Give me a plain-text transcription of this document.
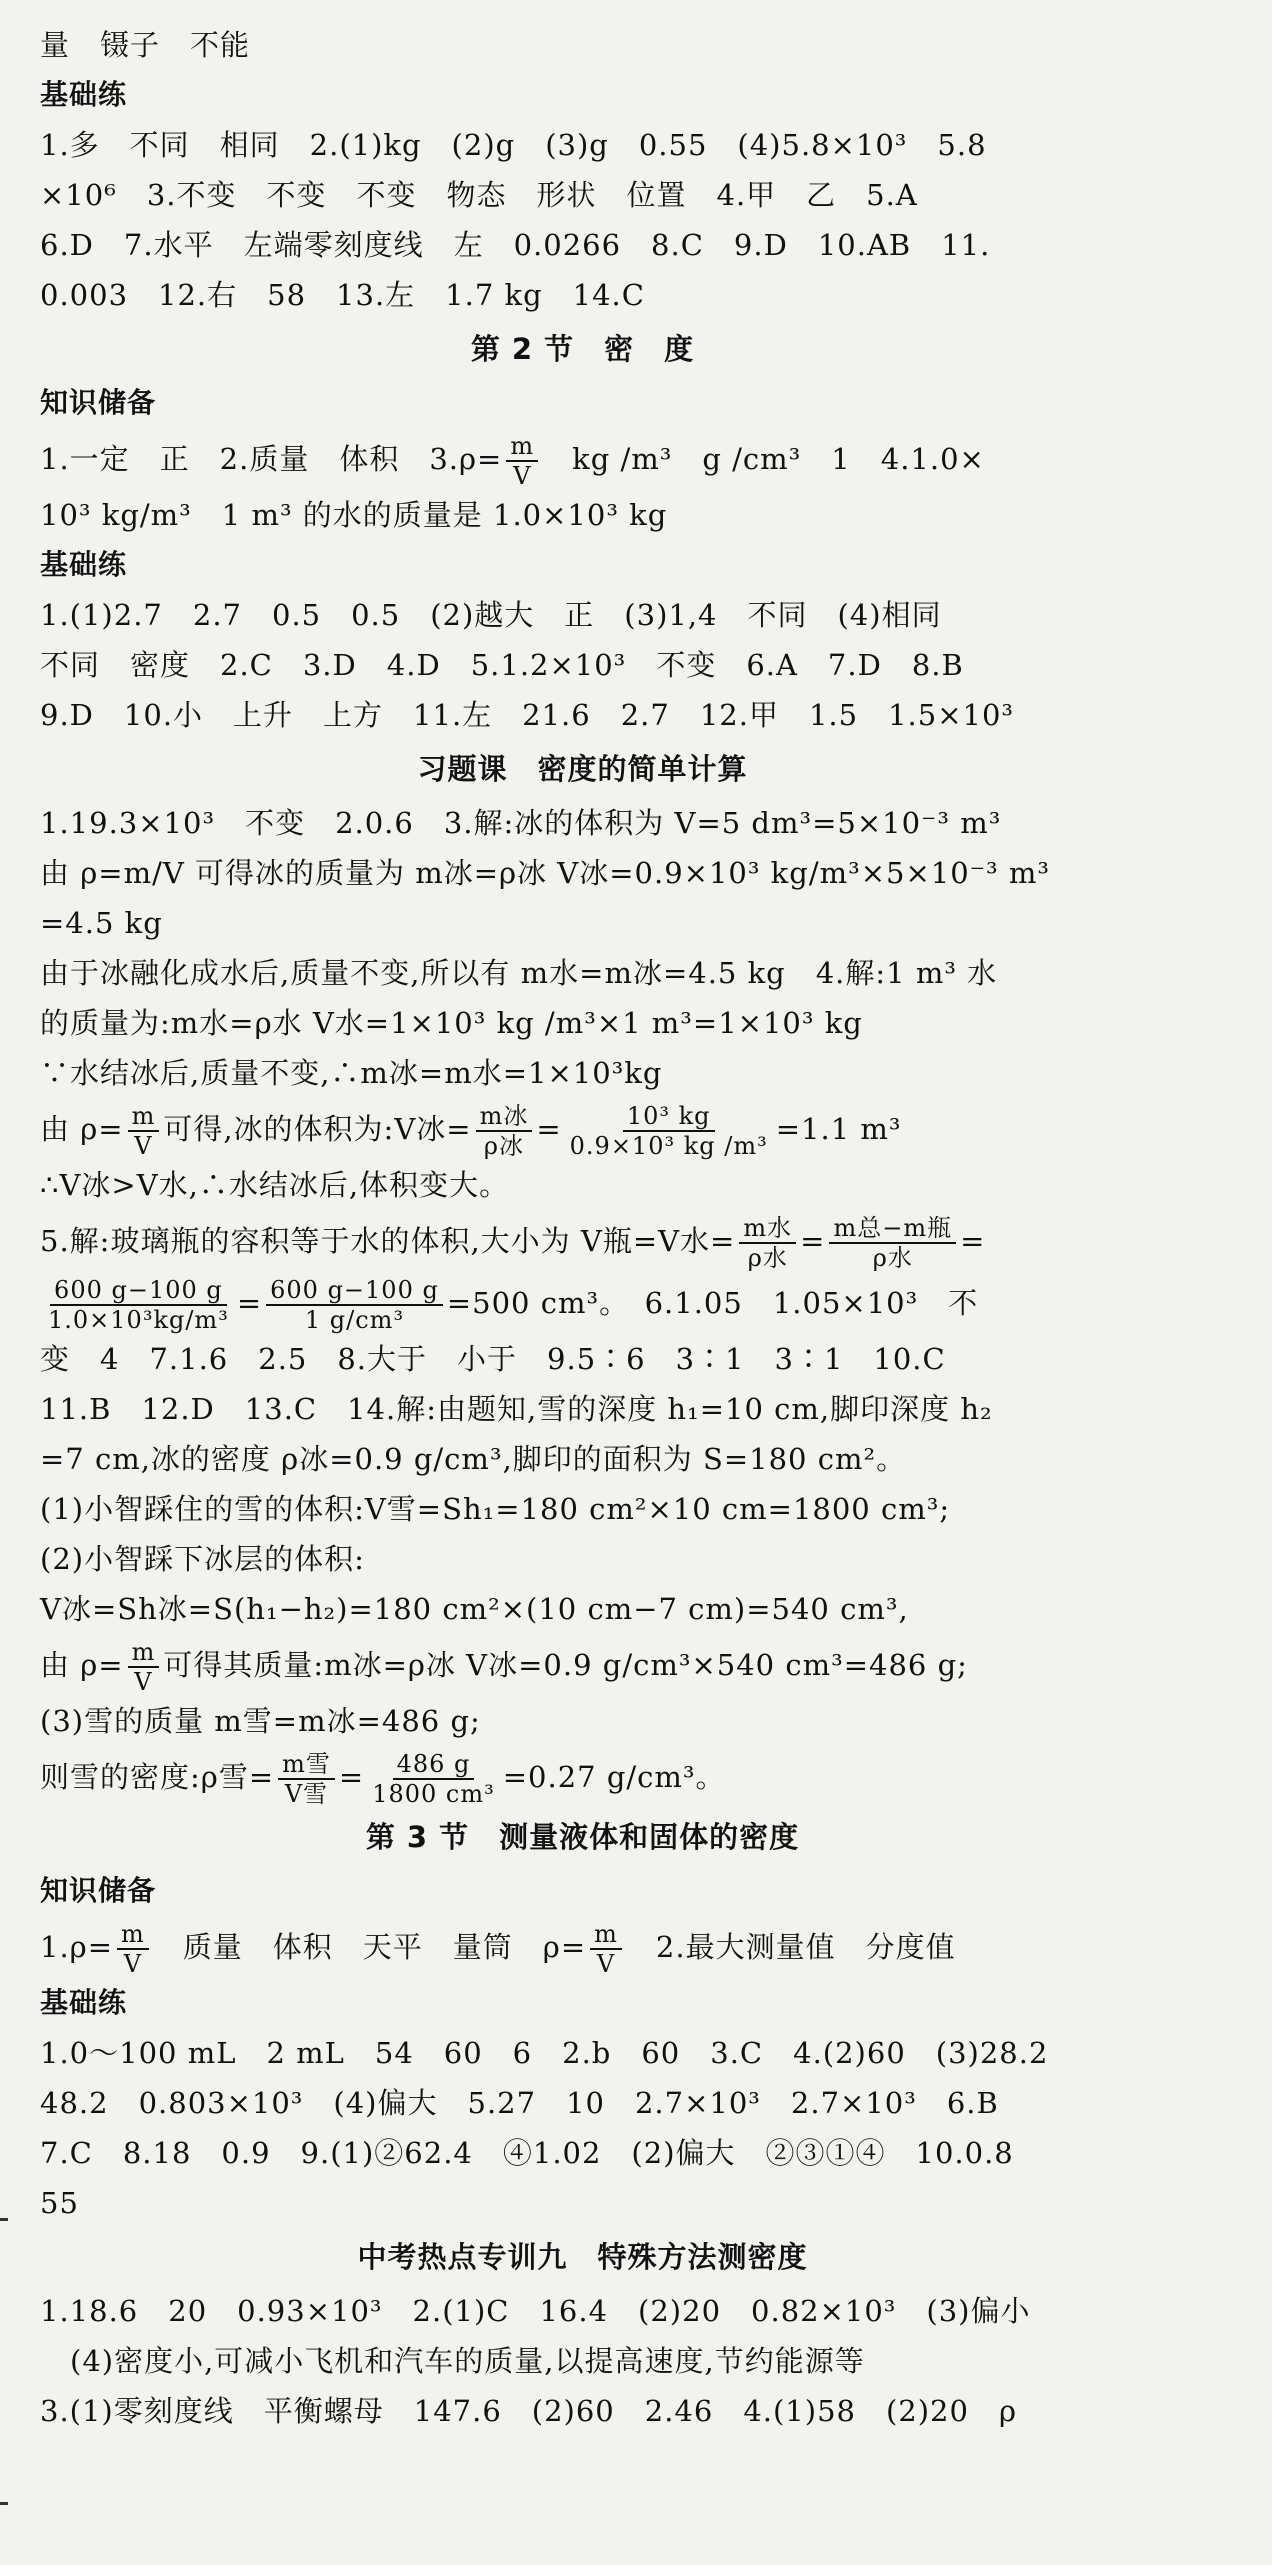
量　镊子　不能
基础练
1.多　不同　相同　2.(1)kg　(2)g　(3)g　0.55　(4)5.8×10³　5.8
×10⁶　3.不变　不变　不变　物态　形状　位置　4.甲　乙　5.A
6.D　7.水平　左端零刻度线　左　0.0266　8.C　9.D　10.AB　11.
0.003　12.右　58　13.左　1.7 kg　14.C
第 2 节　密　度
知识储备
1.一定　正　2.质量　体积　$3.\rho= \frac{m}{V}$ 　kg /m³　g /cm³　1　4.1.0×
10³ kg/m³　1 m³ 的水的质量是 1.0×10³ kg
基础练
1.(1)2.7　2.7　0.5　0.5　(2)越大　正　(3)1,4　不同　(4)相同
不同　密度　2.C　3.D　4.D　5.1.2×10³　不变　6.A　7.D　8.B
9.D　10.小　上升　上方　11.左　21.6　2.7　12.甲　1.5　1.5×10³
习题课　密度的简单计算
1.19.3×10³　不变　2.0.6　3.解:冰的体积为 V=5 dm³=5×10⁻³ m³
由 ρ=m/V 可得冰的质量为 m冰=ρ冰 V冰=0.9×10³ kg/m³×5×10⁻³ m³
=4.5 kg
由于冰融化成水后,质量不变,所以有 m水=m冰=4.5 kg　4.解:1 m³ 水
的质量为:m水=ρ水 V水=1×10³ kg /m³×1 m³=1×10³ kg
∵水结冰后,质量不变,∴m冰=m水=1×10³kg
由 $\rho= \frac{m}{V}$ 可得,冰的体积为:V冰= $\frac{\text{m冰}}{\text{ρ冰}} = \frac{\text{10³ kg}}{\text{0.9×10³ kg /m³}} =1.1$ m³
∴V冰>V水,∴水结冰后,体积变大。
5.解:玻璃瓶的容积等于水的体积,大小为 V瓶=V水= $\frac{\text{m水}}{\text{ρ水}} = \frac{\text{m总−m瓶}}{\text{ρ水}}$ =
$\frac{600 g-100 g}{\text{1.0×10³kg/m³}} = \frac{600 g-100 g}{\text{1 g/cm³}} =500$ cm³。　6.1.05　1.05×10³　不
变　4　7.1.6　2.5　8.大于　小于　9.5∶6　3∶1　3∶1　10.C
11.B　12.D　13.C　14.解:由题知,雪的深度 h₁=10 cm,脚印深度 h₂
=7 cm,冰的密度 ρ冰=0.9 g/cm³,脚印的面积为 S=180 cm²。
(1)小智踩住的雪的体积:V雪=Sh₁=180 cm²×10 cm=1800 cm³;
(2)小智踩下冰层的体积:
V冰=Sh冰=S(h₁−h₂)=180 cm²×(10 cm−7 cm)=540 cm³,
由 $\rho= \frac{m}{V}$ 可得其质量:m冰=ρ冰 V冰=0.9 g/cm³×540 cm³=486 g;
(3)雪的质量 m雪=m冰=486 g;
则雪的密度:ρ雪= $\frac{\text{m雪}}{\text{V雪}} = \frac{486 g}{\text{1800 cm³}} =0.27$ g/cm³。
第 3 节　测量液体和固体的密度
知识储备
$1.\rho= \frac{m}{V}$ 　质量　体积　天平　量筒　$\rho= \frac{m}{V}$ 　2.最大测量值　分度值
基础练
1.0～100 mL　2 mL　54　60　6　2.b　60　3.C　4.(2)60　(3)28.2
48.2　0.803×10³　(4)偏大　5.27　10　2.7×10³　2.7×10³　6.B
7.C　8.18　0.9　9.(1)②62.4　④1.02　(2)偏大　②③①④　10.0.8
55
中考热点专训九　特殊方法测密度
1.18.6　20　0.93×10³　2.(1)C　16.4　(2)20　0.82×10³　(3)偏小
　(4)密度小,可减小飞机和汽车的质量,以提高速度,节约能源等
3.(1)零刻度线　平衡螺母　147.6　(2)60　2.46　4.(1)58　(2)20　ρ
